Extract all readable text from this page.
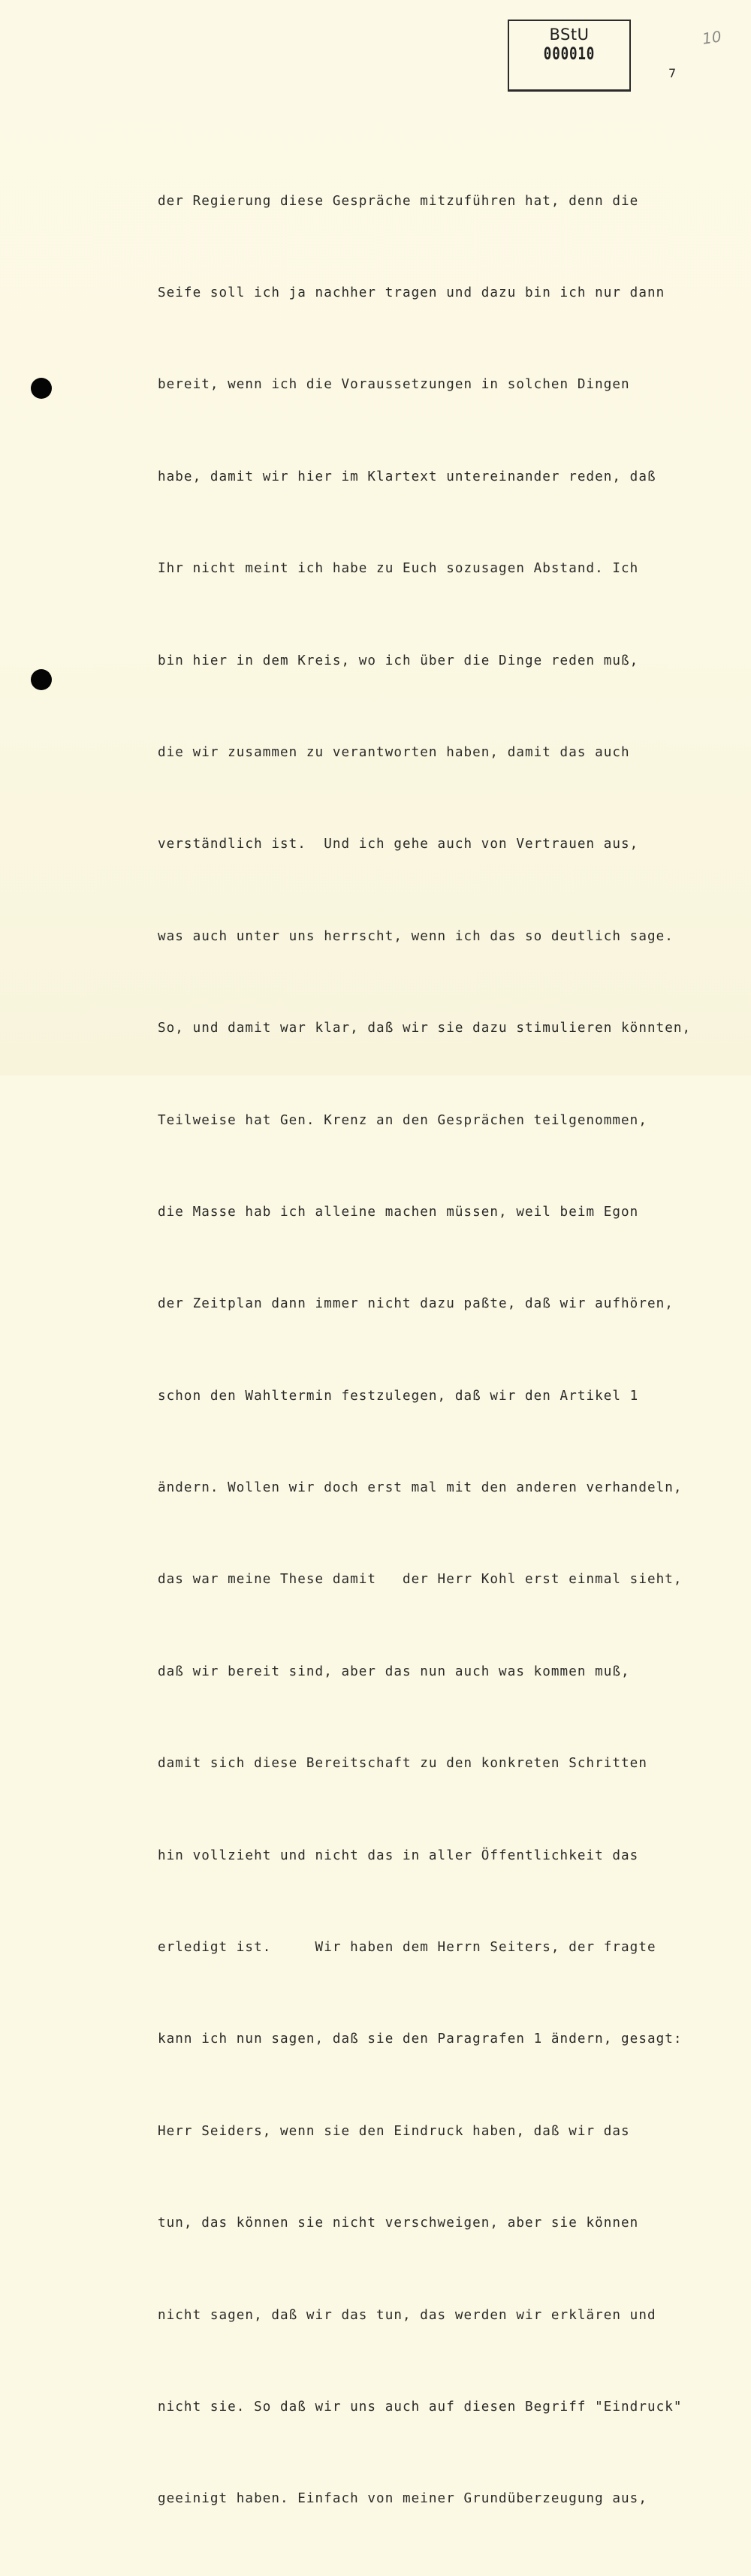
BStU
000010
10
7

der Regierung diese Gespräche mitzuführen hat, denn die

Seife soll ich ja nachher tragen und dazu bin ich nur dann

bereit, wenn ich die Voraussetzungen in solchen Dingen

habe, damit wir hier im Klartext untereinander reden, daß

Ihr nicht meint ich habe zu Euch sozusagen Abstand. Ich

bin hier in dem Kreis, wo ich über die Dinge reden muß,

die wir zusammen zu verantworten haben, damit das auch

verständlich ist.  Und ich gehe auch von Vertrauen aus,

was auch unter uns herrscht, wenn ich das so deutlich sage.

So, und damit war klar, daß wir sie dazu stimulieren könnten,

Teilweise hat Gen. Krenz an den Gesprächen teilgenommen,

die Masse hab ich alleine machen müssen, weil beim Egon

der Zeitplan dann immer nicht dazu paßte, daß wir aufhören,

schon den Wahltermin festzulegen, daß wir den Artikel 1

ändern. Wollen wir doch erst mal mit den anderen verhandeln,

das war meine These damit   der Herr Kohl erst einmal sieht,

daß wir bereit sind, aber das nun auch was kommen muß,

damit sich diese Bereitschaft zu den konkreten Schritten

hin vollzieht und nicht das in aller Öffentlichkeit das

erledigt ist.     Wir haben dem Herrn Seiters, der fragte

kann ich nun sagen, daß sie den Paragrafen 1 ändern, gesagt:

Herr Seiders, wenn sie den Eindruck haben, daß wir das

tun, das können sie nicht verschweigen, aber sie können

nicht sagen, daß wir das tun, das werden wir erklären und

nicht sie. So daß wir uns auch auf diesen Begriff "Eindruck"

geeinigt haben. Einfach von meiner Grundüberzeugung aus,
